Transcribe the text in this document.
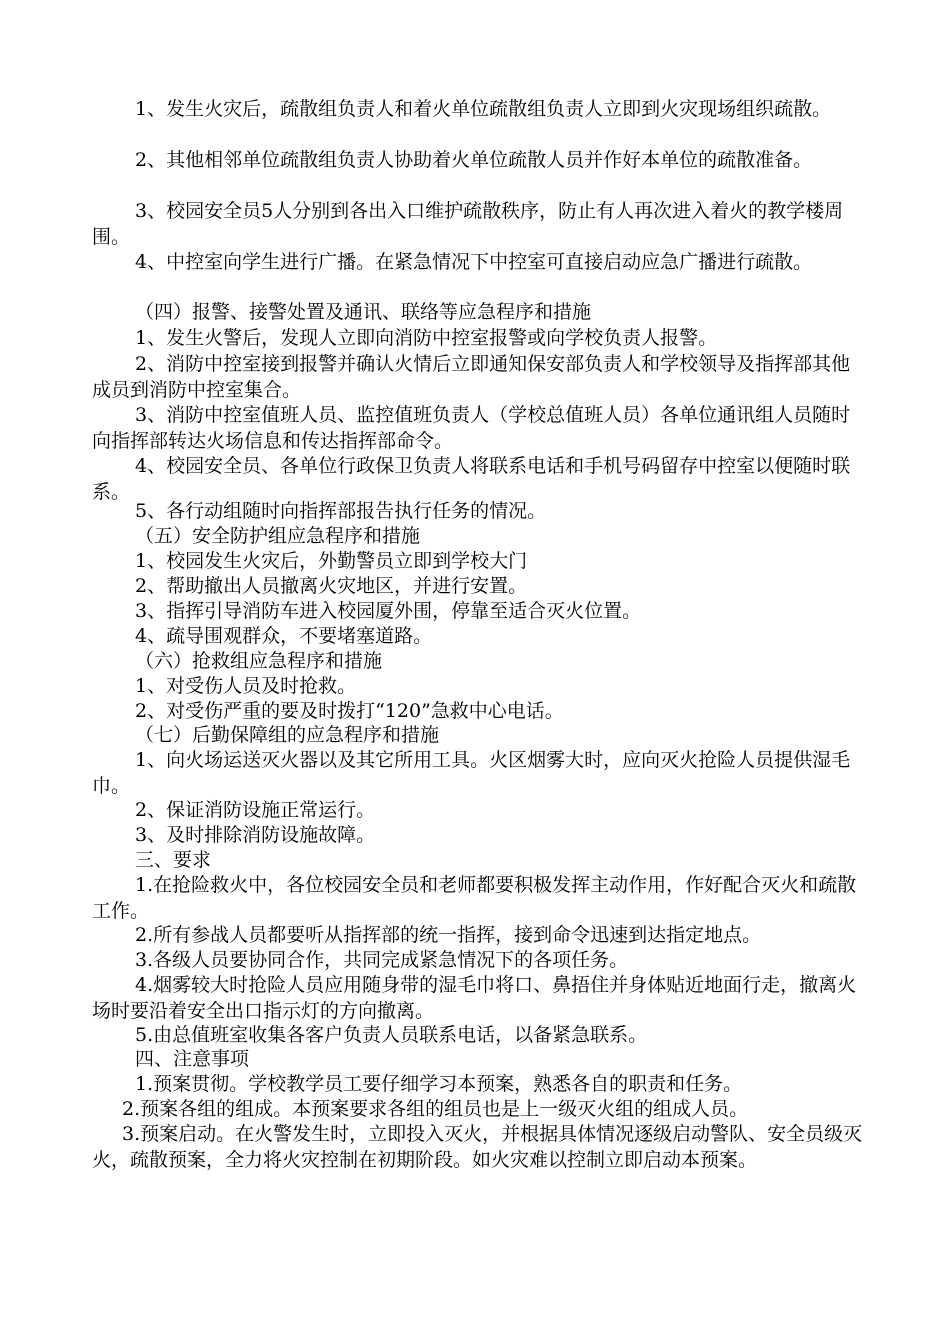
1、发生火灾后，疏散组负责人和着火单位疏散组负责人立即到火灾现场组织疏散。

2、其他相邻单位疏散组负责人协助着火单位疏散人员并作好本单位的疏散准备。

3、校园安全员5人分别到各出入口维护疏散秩序，防止有人再次进入着火的教学楼周围。

4、中控室向学生进行广播。在紧急情况下中控室可直接启动应急广播进行疏散。

（四）报警、接警处置及通讯、联络等应急程序和措施

1、发生火警后，发现人立即向消防中控室报警或向学校负责人报警。

2、消防中控室接到报警并确认火情后立即通知保安部负责人和学校领导及指挥部其他成员到消防中控室集合。

3、消防中控室值班人员、监控值班负责人（学校总值班人员）各单位通讯组人员随时向指挥部转达火场信息和传达指挥部命令。

4、校园安全员、各单位行政保卫负责人将联系电话和手机号码留存中控室以便随时联系。

5、各行动组随时向指挥部报告执行任务的情况。

（五）安全防护组应急程序和措施

1、校园发生火灾后，外勤警员立即到学校大门

2、帮助撤出人员撤离火灾地区，并进行安置。

3、指挥引导消防车进入校园厦外围，停靠至适合灭火位置。

4、疏导围观群众，不要堵塞道路。

（六）抢救组应急程序和措施

1、对受伤人员及时抢救。

2、对受伤严重的要及时拨打“120”急救中心电话。

（七）后勤保障组的应急程序和措施

1、向火场运送灭火器以及其它所用工具。火区烟雾大时，应向灭火抢险人员提供湿毛巾。

2、保证消防设施正常运行。

3、及时排除消防设施故障。

三、要求

1.在抢险救火中，各位校园安全员和老师都要积极发挥主动作用，作好配合灭火和疏散工作。

2.所有参战人员都要听从指挥部的统一指挥，接到命令迅速到达指定地点。

3.各级人员要协同合作，共同完成紧急情况下的各项任务。

4.烟雾较大时抢险人员应用随身带的湿毛巾将口、鼻捂住并身体贴近地面行走，撤离火场时要沿着安全出口指示灯的方向撤离。

5.由总值班室收集各客户负责人员联系电话，以备紧急联系。

四、注意事项

1.预案贯彻。学校教学员工要仔细学习本预案，熟悉各自的职责和任务。

2.预案各组的组成。本预案要求各组的组员也是上一级灭火组的组成人员。

3.预案启动。在火警发生时，立即投入灭火，并根据具体情况逐级启动警队、安全员级灭火，疏散预案，全力将火灾控制在初期阶段。如火灾难以控制立即启动本预案。
